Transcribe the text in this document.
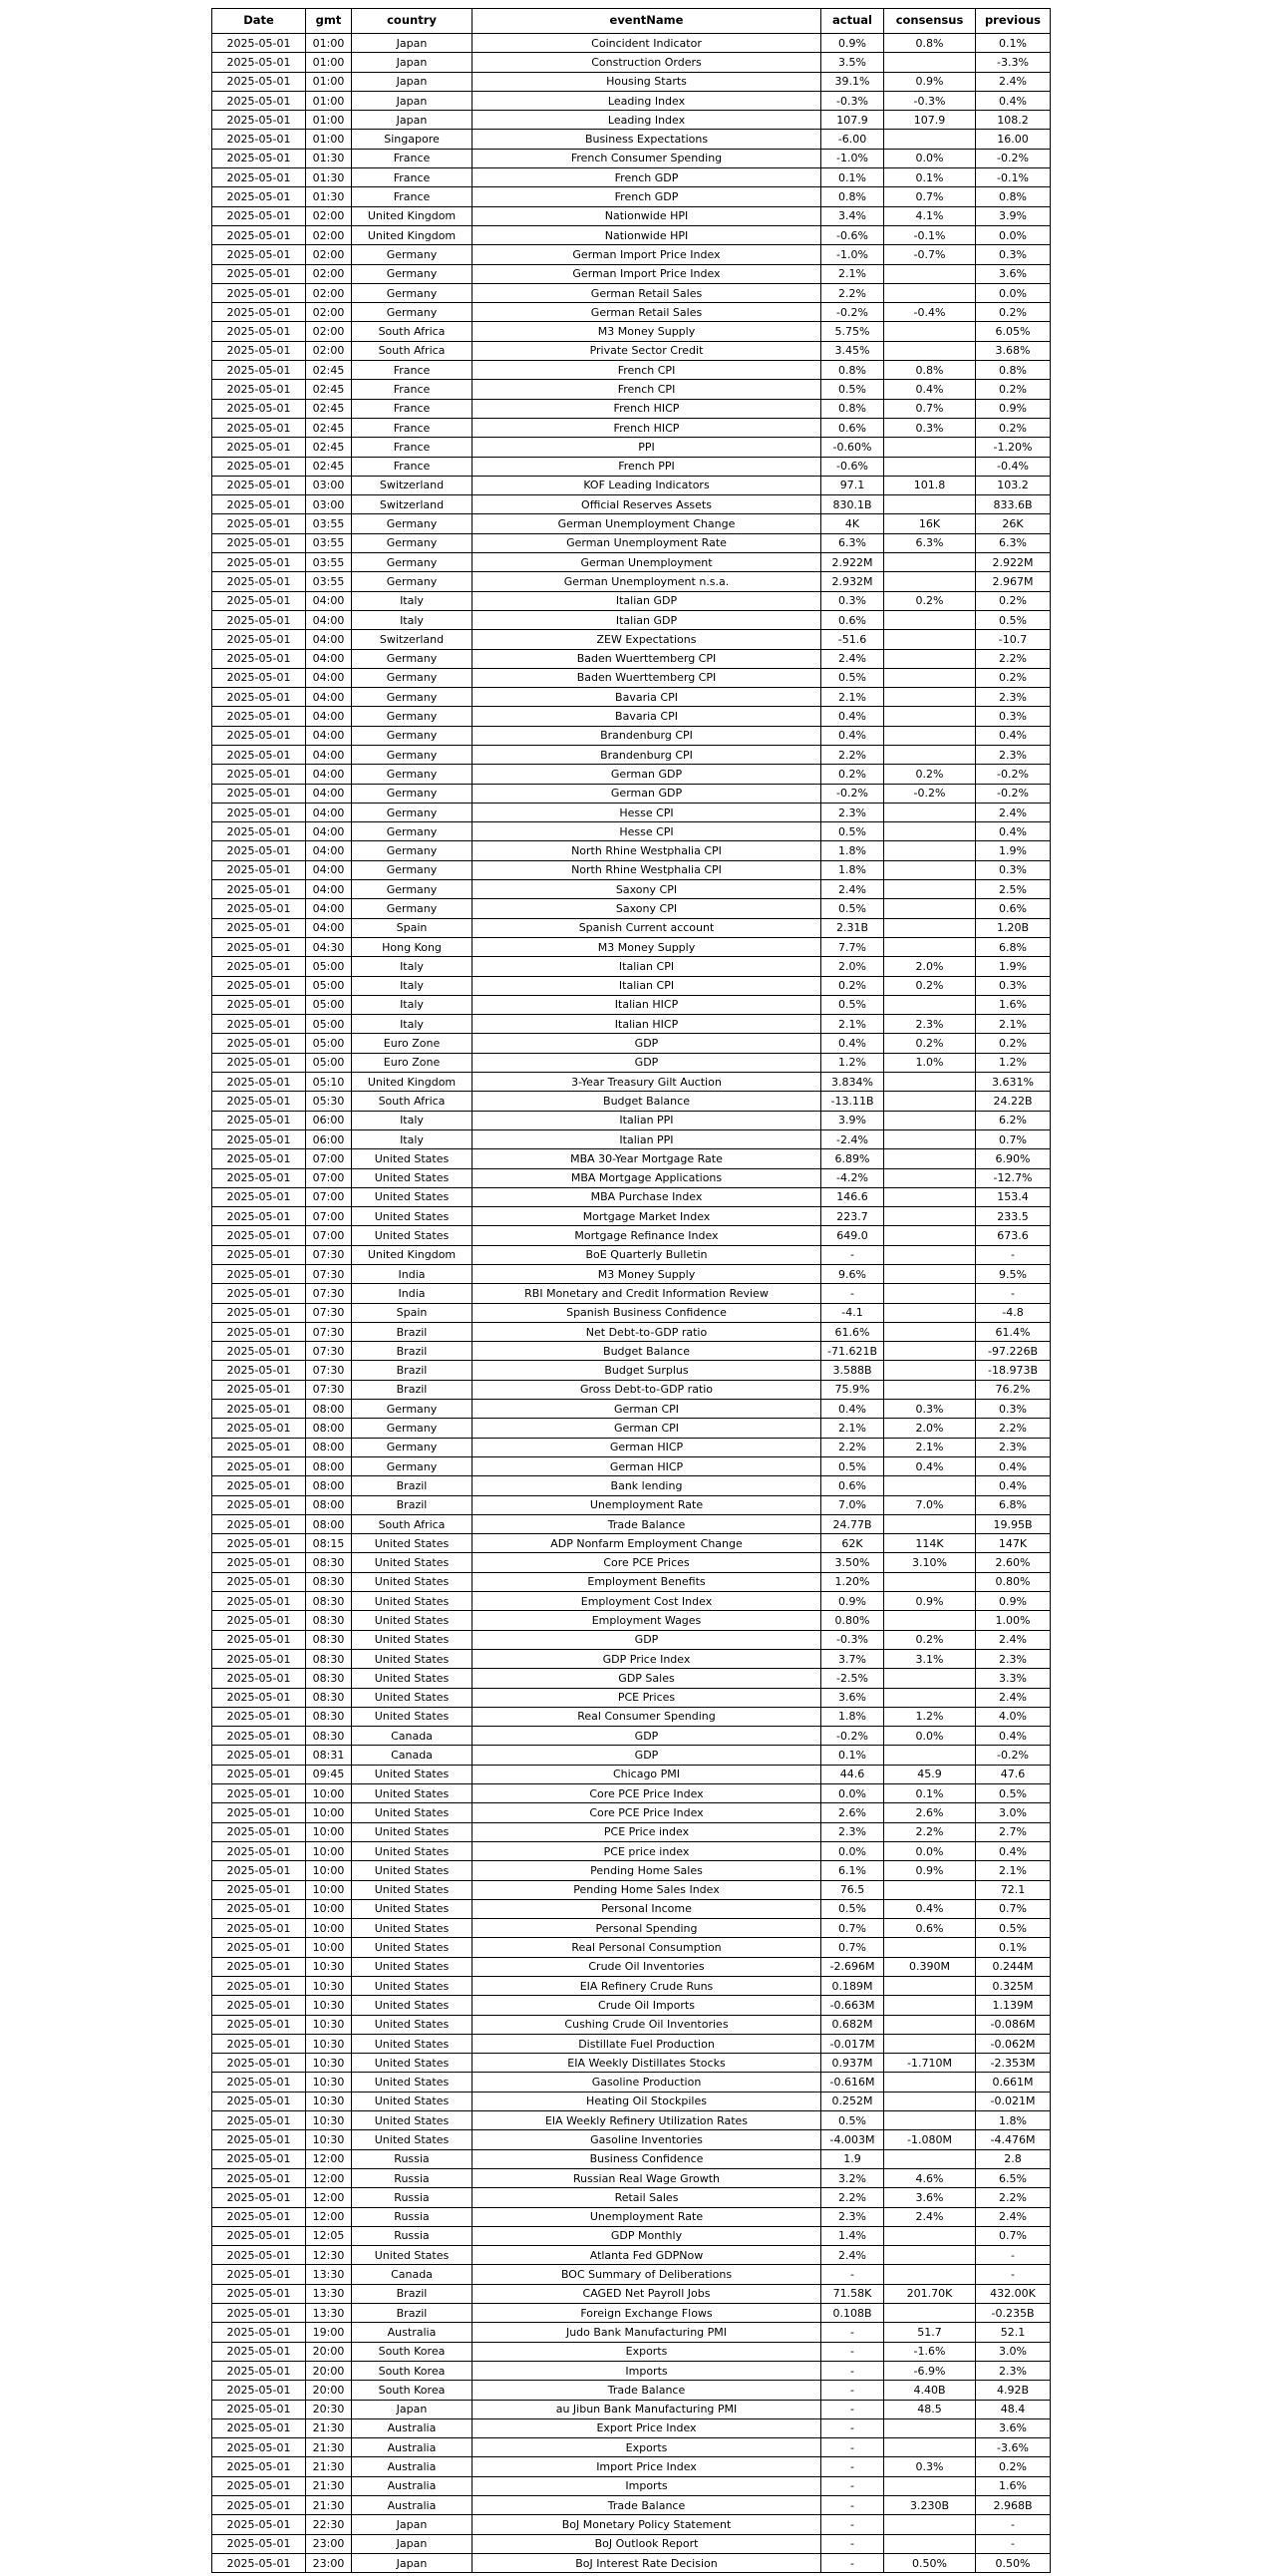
Date	gmt	country	eventName	actual	consensus	previous
2025-05-01	01:00	Japan	Coincident Indicator	0.9%	0.8%	0.1%
2025-05-01	01:00	Japan	Construction Orders	3.5%		-3.3%
2025-05-01	01:00	Japan	Housing Starts	39.1%	0.9%	2.4%
2025-05-01	01:00	Japan	Leading Index	-0.3%	-0.3%	0.4%
2025-05-01	01:00	Japan	Leading Index	107.9	107.9	108.2
2025-05-01	01:00	Singapore	Business Expectations	-6.00		16.00
2025-05-01	01:30	France	French Consumer Spending	-1.0%	0.0%	-0.2%
2025-05-01	01:30	France	French GDP	0.1%	0.1%	-0.1%
2025-05-01	01:30	France	French GDP	0.8%	0.7%	0.8%
2025-05-01	02:00	United Kingdom	Nationwide HPI	3.4%	4.1%	3.9%
2025-05-01	02:00	United Kingdom	Nationwide HPI	-0.6%	-0.1%	0.0%
2025-05-01	02:00	Germany	German Import Price Index	-1.0%	-0.7%	0.3%
2025-05-01	02:00	Germany	German Import Price Index	2.1%		3.6%
2025-05-01	02:00	Germany	German Retail Sales	2.2%		0.0%
2025-05-01	02:00	Germany	German Retail Sales	-0.2%	-0.4%	0.2%
2025-05-01	02:00	South Africa	M3 Money Supply	5.75%		6.05%
2025-05-01	02:00	South Africa	Private Sector Credit	3.45%		3.68%
2025-05-01	02:45	France	French CPI	0.8%	0.8%	0.8%
2025-05-01	02:45	France	French CPI	0.5%	0.4%	0.2%
2025-05-01	02:45	France	French HICP	0.8%	0.7%	0.9%
2025-05-01	02:45	France	French HICP	0.6%	0.3%	0.2%
2025-05-01	02:45	France	PPI	-0.60%		-1.20%
2025-05-01	02:45	France	French PPI	-0.6%		-0.4%
2025-05-01	03:00	Switzerland	KOF Leading Indicators	97.1	101.8	103.2
2025-05-01	03:00	Switzerland	Official Reserves Assets	830.1B		833.6B
2025-05-01	03:55	Germany	German Unemployment Change	4K	16K	26K
2025-05-01	03:55	Germany	German Unemployment Rate	6.3%	6.3%	6.3%
2025-05-01	03:55	Germany	German Unemployment	2.922M		2.922M
2025-05-01	03:55	Germany	German Unemployment n.s.a.	2.932M		2.967M
2025-05-01	04:00	Italy	Italian GDP	0.3%	0.2%	0.2%
2025-05-01	04:00	Italy	Italian GDP	0.6%		0.5%
2025-05-01	04:00	Switzerland	ZEW Expectations	-51.6		-10.7
2025-05-01	04:00	Germany	Baden Wuerttemberg CPI	2.4%		2.2%
2025-05-01	04:00	Germany	Baden Wuerttemberg CPI	0.5%		0.2%
2025-05-01	04:00	Germany	Bavaria CPI	2.1%		2.3%
2025-05-01	04:00	Germany	Bavaria CPI	0.4%		0.3%
2025-05-01	04:00	Germany	Brandenburg CPI	0.4%		0.4%
2025-05-01	04:00	Germany	Brandenburg CPI	2.2%		2.3%
2025-05-01	04:00	Germany	German GDP	0.2%	0.2%	-0.2%
2025-05-01	04:00	Germany	German GDP	-0.2%	-0.2%	-0.2%
2025-05-01	04:00	Germany	Hesse CPI	2.3%		2.4%
2025-05-01	04:00	Germany	Hesse CPI	0.5%		0.4%
2025-05-01	04:00	Germany	North Rhine Westphalia CPI	1.8%		1.9%
2025-05-01	04:00	Germany	North Rhine Westphalia CPI	1.8%		0.3%
2025-05-01	04:00	Germany	Saxony CPI	2.4%		2.5%
2025-05-01	04:00	Germany	Saxony CPI	0.5%		0.6%
2025-05-01	04:00	Spain	Spanish Current account	2.31B		1.20B
2025-05-01	04:30	Hong Kong	M3 Money Supply	7.7%		6.8%
2025-05-01	05:00	Italy	Italian CPI	2.0%	2.0%	1.9%
2025-05-01	05:00	Italy	Italian CPI	0.2%	0.2%	0.3%
2025-05-01	05:00	Italy	Italian HICP	0.5%		1.6%
2025-05-01	05:00	Italy	Italian HICP	2.1%	2.3%	2.1%
2025-05-01	05:00	Euro Zone	GDP	0.4%	0.2%	0.2%
2025-05-01	05:00	Euro Zone	GDP	1.2%	1.0%	1.2%
2025-05-01	05:10	United Kingdom	3-Year Treasury Gilt Auction	3.834%		3.631%
2025-05-01	05:30	South Africa	Budget Balance	-13.11B		24.22B
2025-05-01	06:00	Italy	Italian PPI	3.9%		6.2%
2025-05-01	06:00	Italy	Italian PPI	-2.4%		0.7%
2025-05-01	07:00	United States	MBA 30-Year Mortgage Rate	6.89%		6.90%
2025-05-01	07:00	United States	MBA Mortgage Applications	-4.2%		-12.7%
2025-05-01	07:00	United States	MBA Purchase Index	146.6		153.4
2025-05-01	07:00	United States	Mortgage Market Index	223.7		233.5
2025-05-01	07:00	United States	Mortgage Refinance Index	649.0		673.6
2025-05-01	07:30	United Kingdom	BoE Quarterly Bulletin	-		-
2025-05-01	07:30	India	M3 Money Supply	9.6%		9.5%
2025-05-01	07:30	India	RBI Monetary and Credit Information Review	-		-
2025-05-01	07:30	Spain	Spanish Business Confidence	-4.1		-4.8
2025-05-01	07:30	Brazil	Net Debt-to-GDP ratio	61.6%		61.4%
2025-05-01	07:30	Brazil	Budget Balance	-71.621B		-97.226B
2025-05-01	07:30	Brazil	Budget Surplus	3.588B		-18.973B
2025-05-01	07:30	Brazil	Gross Debt-to-GDP ratio	75.9%		76.2%
2025-05-01	08:00	Germany	German CPI	0.4%	0.3%	0.3%
2025-05-01	08:00	Germany	German CPI	2.1%	2.0%	2.2%
2025-05-01	08:00	Germany	German HICP	2.2%	2.1%	2.3%
2025-05-01	08:00	Germany	German HICP	0.5%	0.4%	0.4%
2025-05-01	08:00	Brazil	Bank lending	0.6%		0.4%
2025-05-01	08:00	Brazil	Unemployment Rate	7.0%	7.0%	6.8%
2025-05-01	08:00	South Africa	Trade Balance	24.77B		19.95B
2025-05-01	08:15	United States	ADP Nonfarm Employment Change	62K	114K	147K
2025-05-01	08:30	United States	Core PCE Prices	3.50%	3.10%	2.60%
2025-05-01	08:30	United States	Employment Benefits	1.20%		0.80%
2025-05-01	08:30	United States	Employment Cost Index	0.9%	0.9%	0.9%
2025-05-01	08:30	United States	Employment Wages	0.80%		1.00%
2025-05-01	08:30	United States	GDP	-0.3%	0.2%	2.4%
2025-05-01	08:30	United States	GDP Price Index	3.7%	3.1%	2.3%
2025-05-01	08:30	United States	GDP Sales	-2.5%		3.3%
2025-05-01	08:30	United States	PCE Prices	3.6%		2.4%
2025-05-01	08:30	United States	Real Consumer Spending	1.8%	1.2%	4.0%
2025-05-01	08:30	Canada	GDP	-0.2%	0.0%	0.4%
2025-05-01	08:31	Canada	GDP	0.1%		-0.2%
2025-05-01	09:45	United States	Chicago PMI	44.6	45.9	47.6
2025-05-01	10:00	United States	Core PCE Price Index	0.0%	0.1%	0.5%
2025-05-01	10:00	United States	Core PCE Price Index	2.6%	2.6%	3.0%
2025-05-01	10:00	United States	PCE Price index	2.3%	2.2%	2.7%
2025-05-01	10:00	United States	PCE price index	0.0%	0.0%	0.4%
2025-05-01	10:00	United States	Pending Home Sales	6.1%	0.9%	2.1%
2025-05-01	10:00	United States	Pending Home Sales Index	76.5		72.1
2025-05-01	10:00	United States	Personal Income	0.5%	0.4%	0.7%
2025-05-01	10:00	United States	Personal Spending	0.7%	0.6%	0.5%
2025-05-01	10:00	United States	Real Personal Consumption	0.7%		0.1%
2025-05-01	10:30	United States	Crude Oil Inventories	-2.696M	0.390M	0.244M
2025-05-01	10:30	United States	EIA Refinery Crude Runs	0.189M		0.325M
2025-05-01	10:30	United States	Crude Oil Imports	-0.663M		1.139M
2025-05-01	10:30	United States	Cushing Crude Oil Inventories	0.682M		-0.086M
2025-05-01	10:30	United States	Distillate Fuel Production	-0.017M		-0.062M
2025-05-01	10:30	United States	EIA Weekly Distillates Stocks	0.937M	-1.710M	-2.353M
2025-05-01	10:30	United States	Gasoline Production	-0.616M		0.661M
2025-05-01	10:30	United States	Heating Oil Stockpiles	0.252M		-0.021M
2025-05-01	10:30	United States	EIA Weekly Refinery Utilization Rates	0.5%		1.8%
2025-05-01	10:30	United States	Gasoline Inventories	-4.003M	-1.080M	-4.476M
2025-05-01	12:00	Russia	Business Confidence	1.9		2.8
2025-05-01	12:00	Russia	Russian Real Wage Growth	3.2%	4.6%	6.5%
2025-05-01	12:00	Russia	Retail Sales	2.2%	3.6%	2.2%
2025-05-01	12:00	Russia	Unemployment Rate	2.3%	2.4%	2.4%
2025-05-01	12:05	Russia	GDP Monthly	1.4%		0.7%
2025-05-01	12:30	United States	Atlanta Fed GDPNow	2.4%		-
2025-05-01	13:30	Canada	BOC Summary of Deliberations	-		-
2025-05-01	13:30	Brazil	CAGED Net Payroll Jobs	71.58K	201.70K	432.00K
2025-05-01	13:30	Brazil	Foreign Exchange Flows	0.108B		-0.235B
2025-05-01	19:00	Australia	Judo Bank Manufacturing PMI	-	51.7	52.1
2025-05-01	20:00	South Korea	Exports	-	-1.6%	3.0%
2025-05-01	20:00	South Korea	Imports	-	-6.9%	2.3%
2025-05-01	20:00	South Korea	Trade Balance	-	4.40B	4.92B
2025-05-01	20:30	Japan	au Jibun Bank Manufacturing PMI	-	48.5	48.4
2025-05-01	21:30	Australia	Export Price Index	-		3.6%
2025-05-01	21:30	Australia	Exports	-		-3.6%
2025-05-01	21:30	Australia	Import Price Index	-	0.3%	0.2%
2025-05-01	21:30	Australia	Imports	-		1.6%
2025-05-01	21:30	Australia	Trade Balance	-	3.230B	2.968B
2025-05-01	22:30	Japan	BoJ Monetary Policy Statement	-		-
2025-05-01	23:00	Japan	BoJ Outlook Report	-		-
2025-05-01	23:00	Japan	BoJ Interest Rate Decision	-	0.50%	0.50%
